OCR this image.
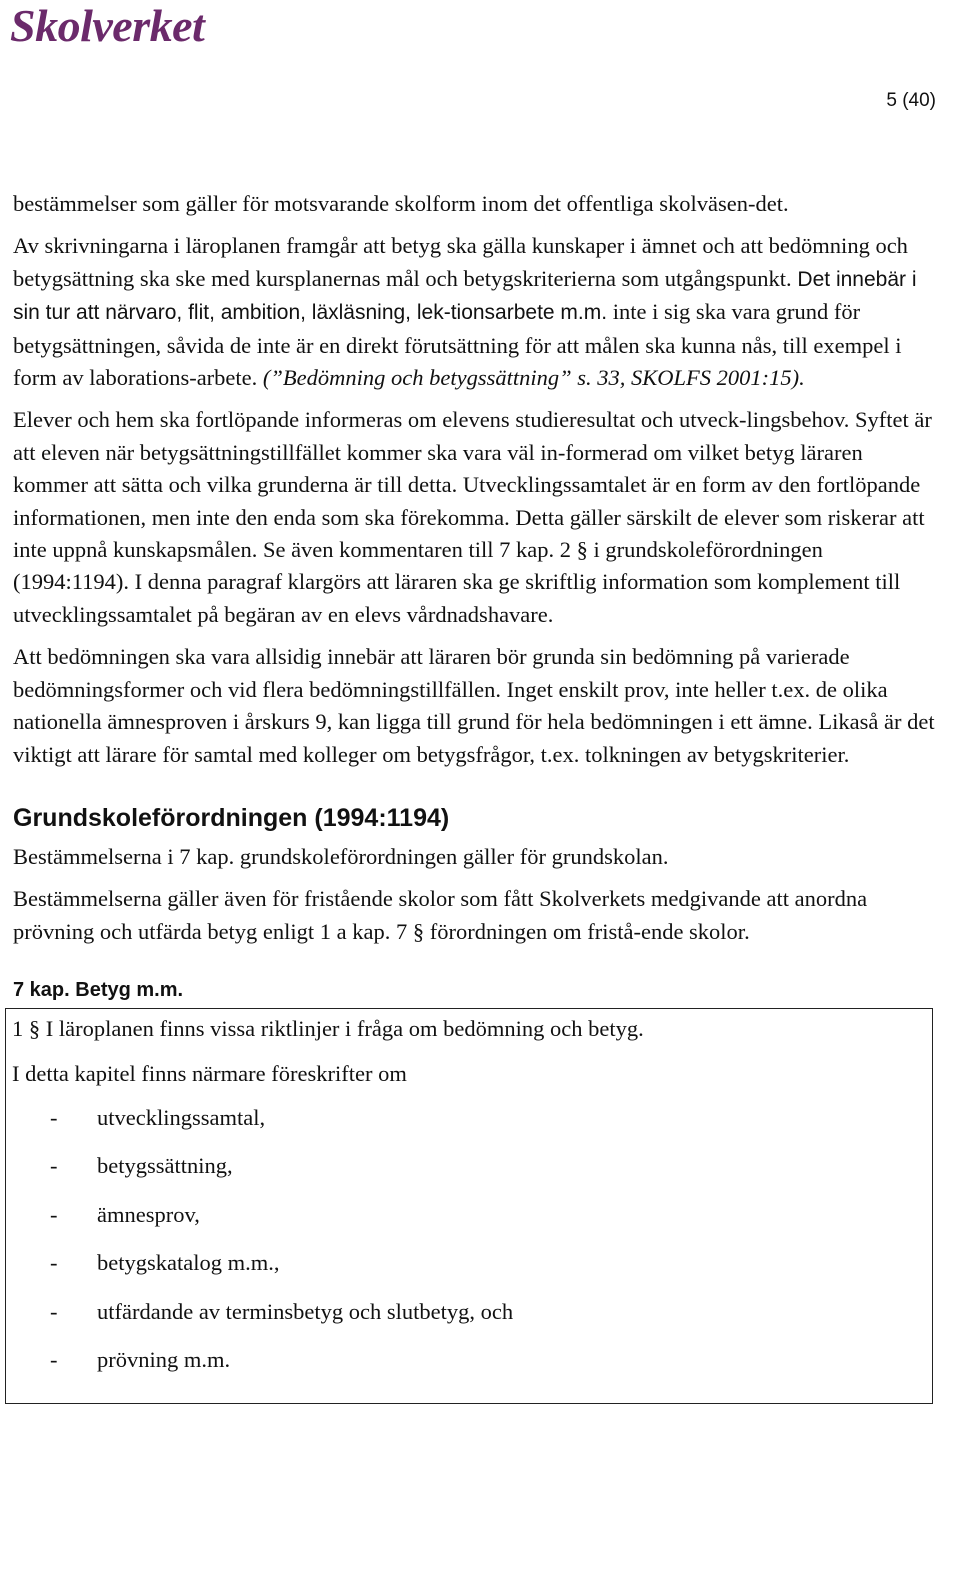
Skolverket
5 (40)

bestämmelser som gäller för motsvarande skolform inom det offentliga skolväsen-det.

Av skrivningarna i läroplanen framgår att betyg ska gälla kunskaper i ämnet och att bedömning och betygsättning ska ske med kursplanernas mål och betygskriterierna som utgångspunkt. Det innebär i sin tur att närvaro, flit, ambition, läxläsning, lek-tionsarbete m.m. inte i sig ska vara grund för betygsättningen, såvida de inte är en direkt förutsättning för att målen ska kunna nås, till exempel i form av laborations-arbete. (”Bedömning och betygssättning” s. 33, SKOLFS 2001:15).

Elever och hem ska fortlöpande informeras om elevens studieresultat och utveck-lingsbehov. Syftet är att eleven när betygsättningstillfället kommer ska vara väl in-formerad om vilket betyg läraren kommer att sätta och vilka grunderna är till detta. Utvecklingssamtalet är en form av den fortlöpande informationen, men inte den enda som ska förekomma. Detta gäller särskilt de elever som riskerar att inte uppnå kunskapsmålen. Se även kommentaren till 7 kap. 2 § i grundskoleförordningen (1994:1194). I denna paragraf klargörs att läraren ska ge skriftlig information som komplement till utvecklingssamtalet på begäran av en elevs vårdnadshavare.

Att bedömningen ska vara allsidig innebär att läraren bör grunda sin bedömning på varierade bedömningsformer och vid flera bedömningstillfällen. Inget enskilt prov, inte heller t.ex. de olika nationella ämnesproven i årskurs 9, kan ligga till grund för hela bedömningen i ett ämne. Likaså är det viktigt att lärare för samtal med kolleger om betygsfrågor, t.ex. tolkningen av betygskriterier.

Grundskoleförordningen (1994:1194)

Bestämmelserna i 7 kap. grundskoleförordningen gäller för grundskolan.

Bestämmelserna gäller även för fristående skolor som fått Skolverkets medgivande att anordna prövning och utfärda betyg enligt 1 a kap. 7 § förordningen om fristå-ende skolor.

7 kap. Betyg m.m.

1 § I läroplanen finns vissa riktlinjer i fråga om bedömning och betyg.

I detta kapitel finns närmare föreskrifter om

-	utvecklingssamtal,
-	betygssättning,
-	ämnesprov,
-	betygskatalog m.m.,
-	utfärdande av terminsbetyg och slutbetyg, och
-	prövning m.m.
